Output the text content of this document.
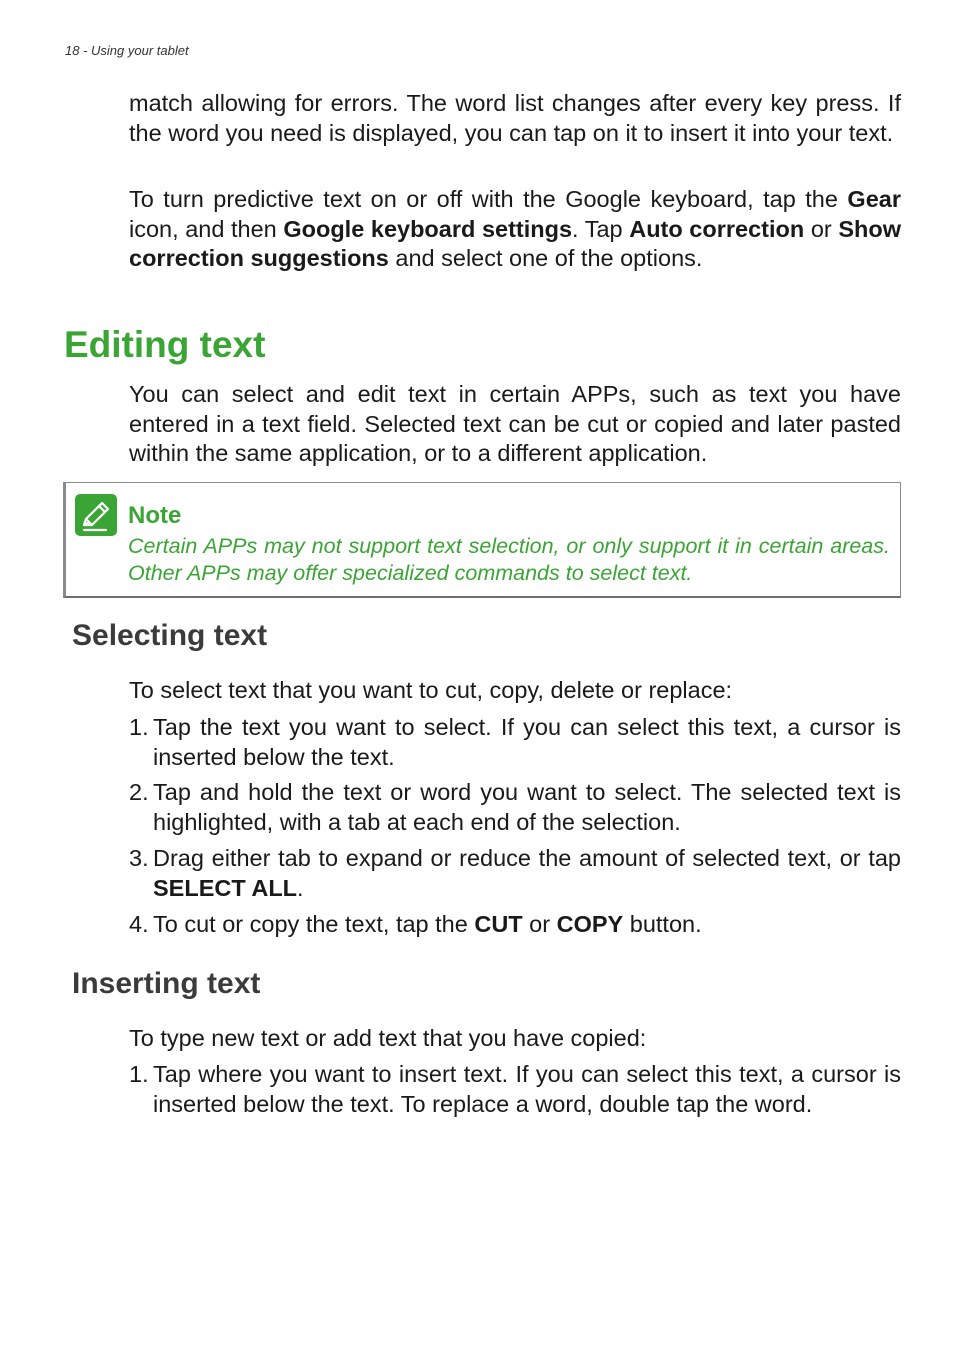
18 - Using your tablet

match allowing for errors. The word list changes after every key press. If the word you need is displayed, you can tap on it to insert it into your text.

To turn predictive text on or off with the Google keyboard, tap the Gear icon, and then Google keyboard settings. Tap Auto correction or Show correction suggestions and select one of the options.

Editing text

You can select and edit text in certain APPs, such as text you have entered in a text field. Selected text can be cut or copied and later pasted within the same application, or to a different application.

Note
Certain APPs may not support text selection, or only support it in certain areas. Other APPs may offer specialized commands to select text.
Selecting text

To select text that you want to cut, copy, delete or replace:

1. Tap the text you want to select. If you can select this text, a cursor is inserted below the text.
2. Tap and hold the text or word you want to select. The selected text is highlighted, with a tab at each end of the selection.
3. Drag either tab to expand or reduce the amount of selected text, or tap SELECT ALL.
4. To cut or copy the text, tap the CUT or COPY button.
Inserting text

To type new text or add text that you have copied:

1. Tap where you want to insert text. If you can select this text, a cursor is inserted below the text. To replace a word, double tap the word.
